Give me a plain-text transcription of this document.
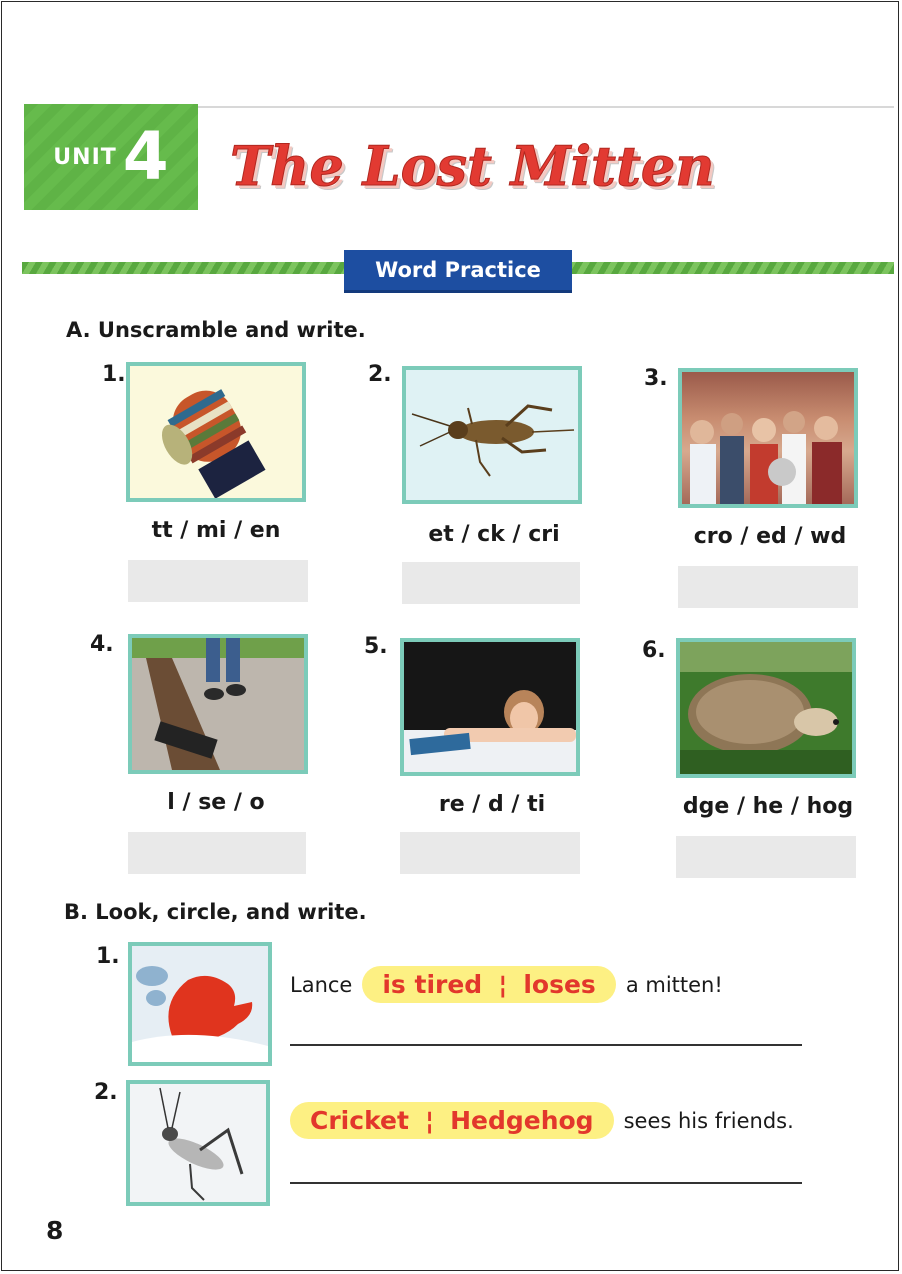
UNIT 4 The Lost Mitten
Word Practice
A. Unscramble and write.
1.
tt / mi / en
2.
et / ck / cri
3.
cro / ed / wd
4.
l / se / o
5.
re / d / ti
6.
dge / he / hog
B. Look, circle, and write.
1.
Lance is tired ¦ loses a mitten!
2.
Cricket ¦ Hedgehog sees his friends.
8
